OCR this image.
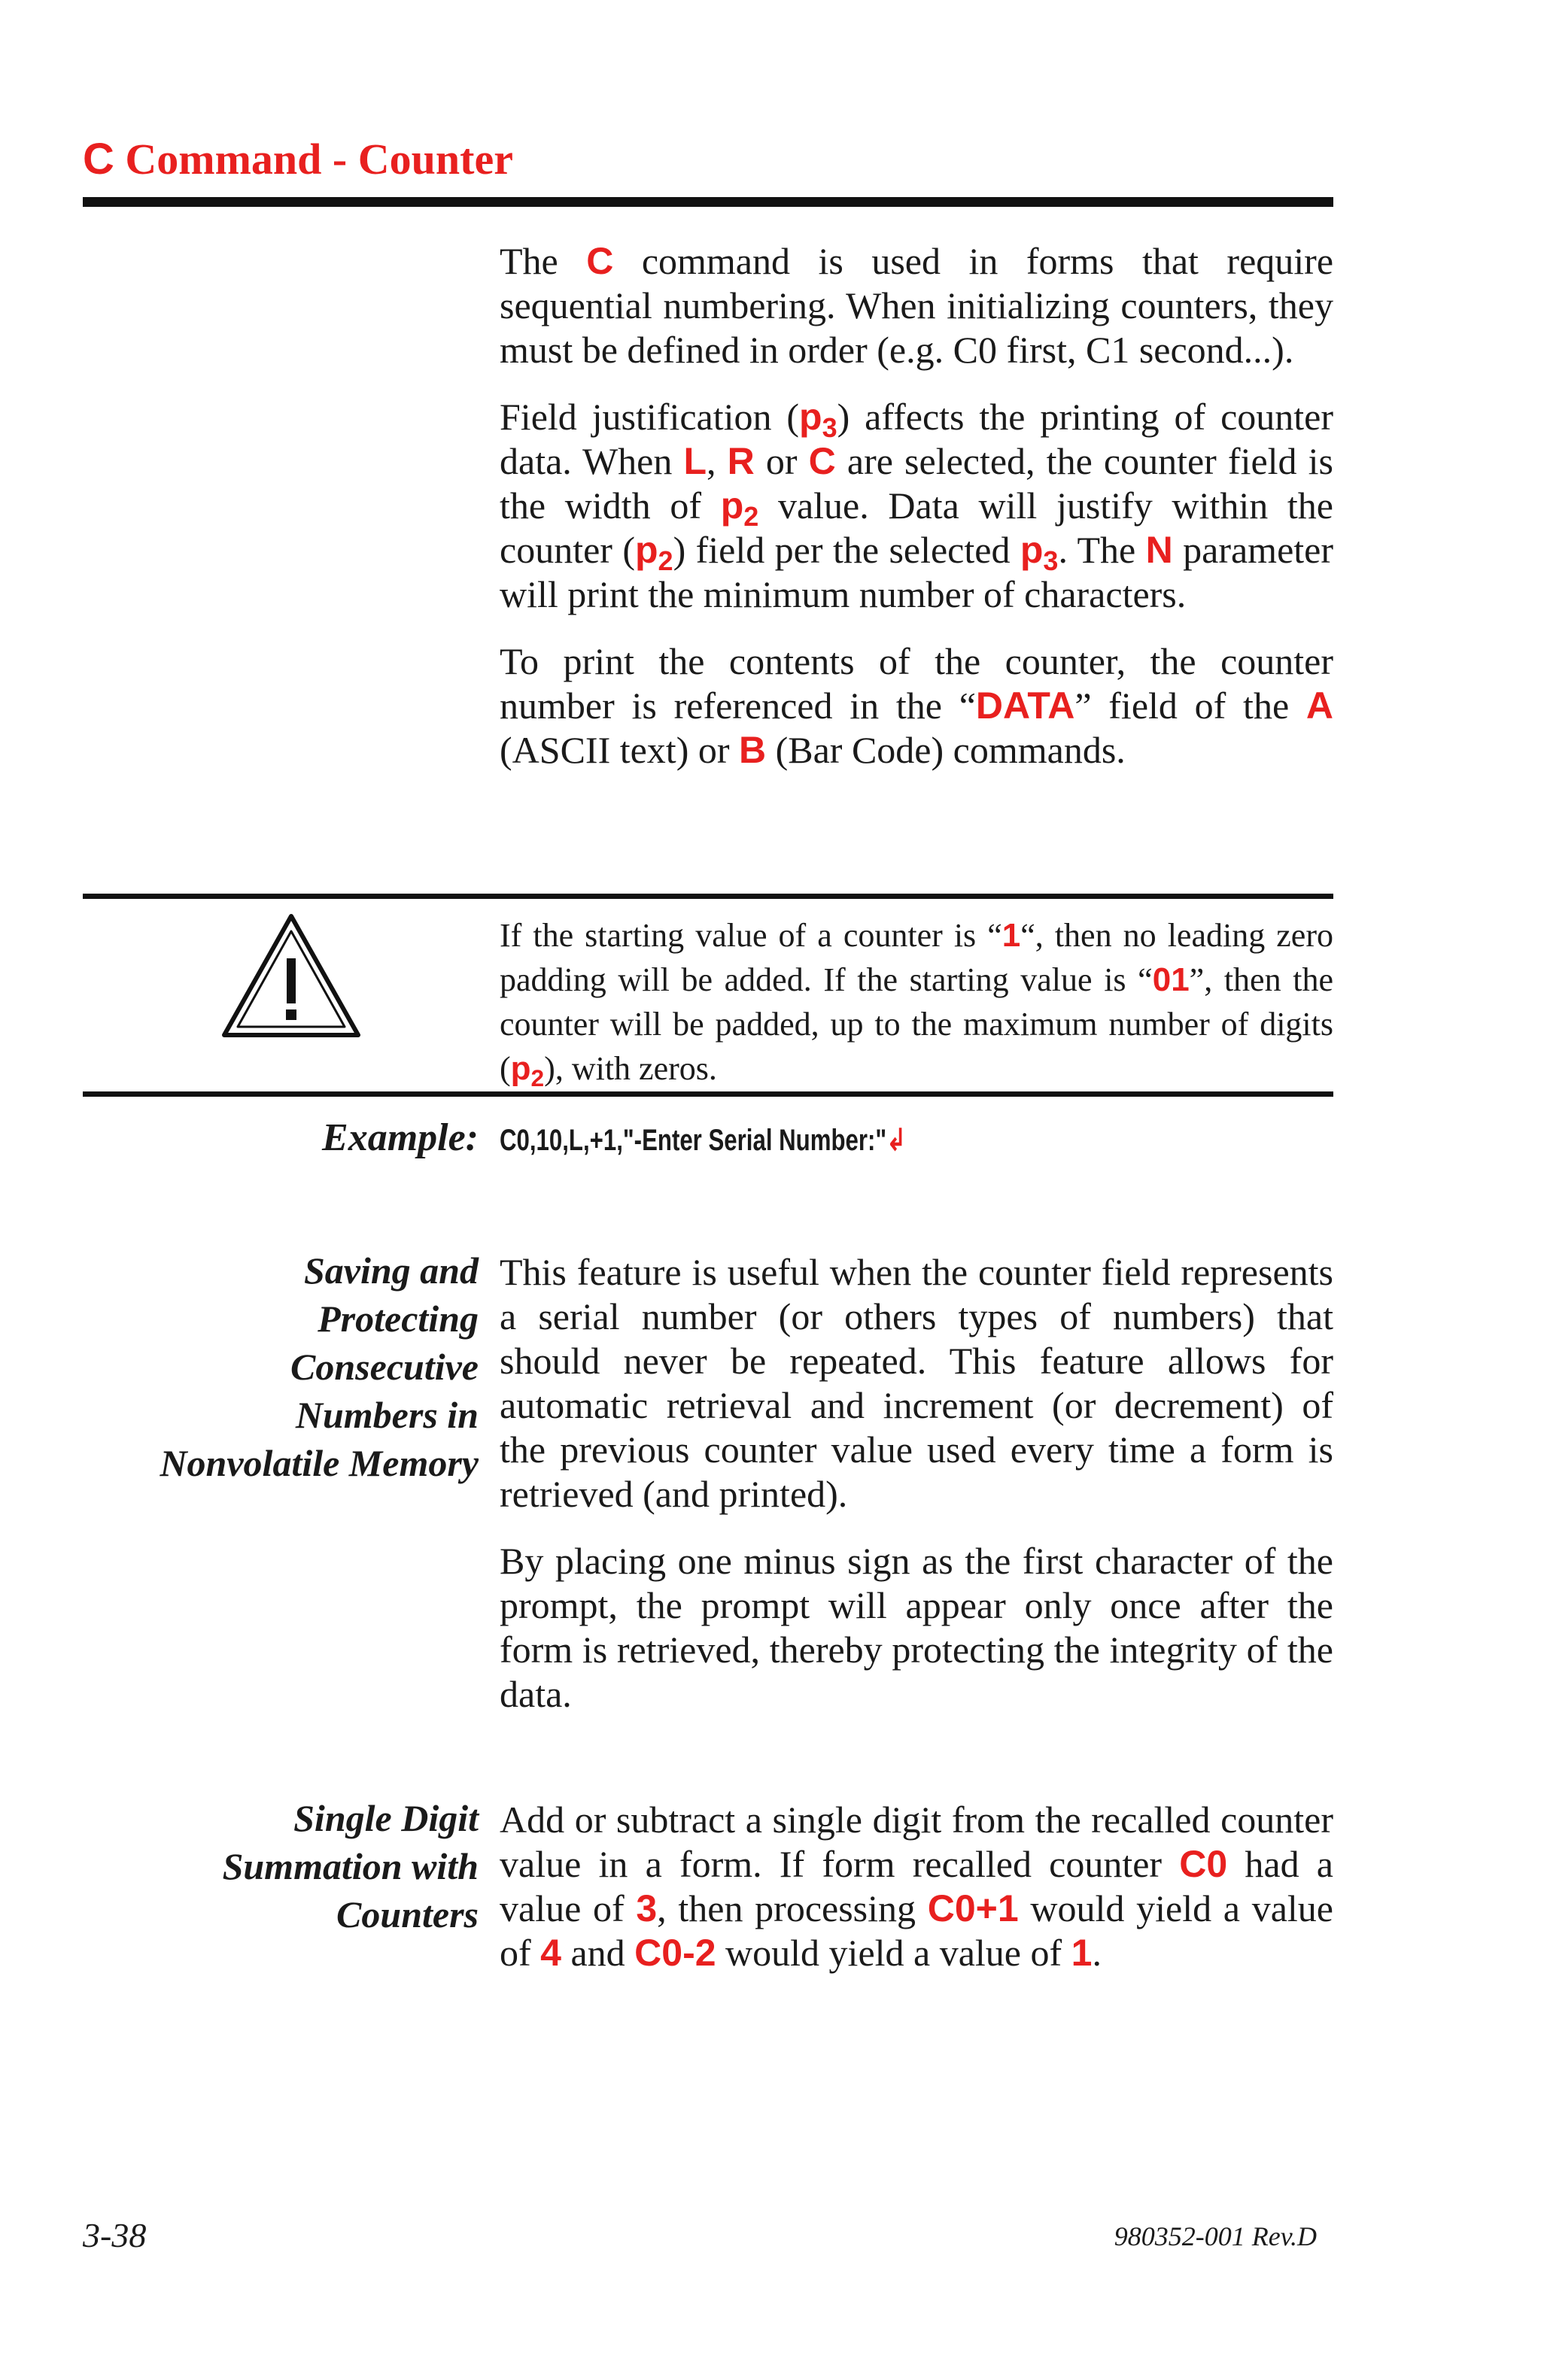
C Command - Counter

The C command is used in forms that require sequential numbering. When initializing counters, they must be defined in order (e.g. C0 first, C1 second...).

Field justification $(p_3)$ affects the printing of counter data. When L, R or C are selected, the counter field is the width of $p_2$ value. Data will justify within the counter $(p_2)$ field per the selected $p_3$. The N parameter will print the minimum number of characters.

To print the contents of the counter, the counter number is referenced in the “DATA” field of the A (ASCII text) or B (Bar Code) commands.

If the starting value of a counter is “1“, then no leading zero padding will be added. If the starting value is “01”, then the counter will be padded, up to the maximum number of digits $(p_2)$, with zeros.
Example: C0,10,L,+1,"-Enter Serial Number:"↲
Saving and
Protecting
Consecutive
Numbers in
Nonvolatile Memory

This feature is useful when the counter field represents a serial number (or others types of numbers) that should never be repeated. This feature allows for automatic retrieval and increment (or decrement) of the previous counter value used every time a form is retrieved (and printed).

By placing one minus sign as the first character of the prompt, the prompt will appear only once after the form is retrieved, thereby protecting the integrity of the data.

Single Digit
Summation with
Counters

Add or subtract a single digit from the recalled counter value in a form. If form recalled counter C0 had a value of 3, then processing C0+1 would yield a value of 4 and C0-2 would yield a value of 1.

3-38	980352-001 Rev.D
